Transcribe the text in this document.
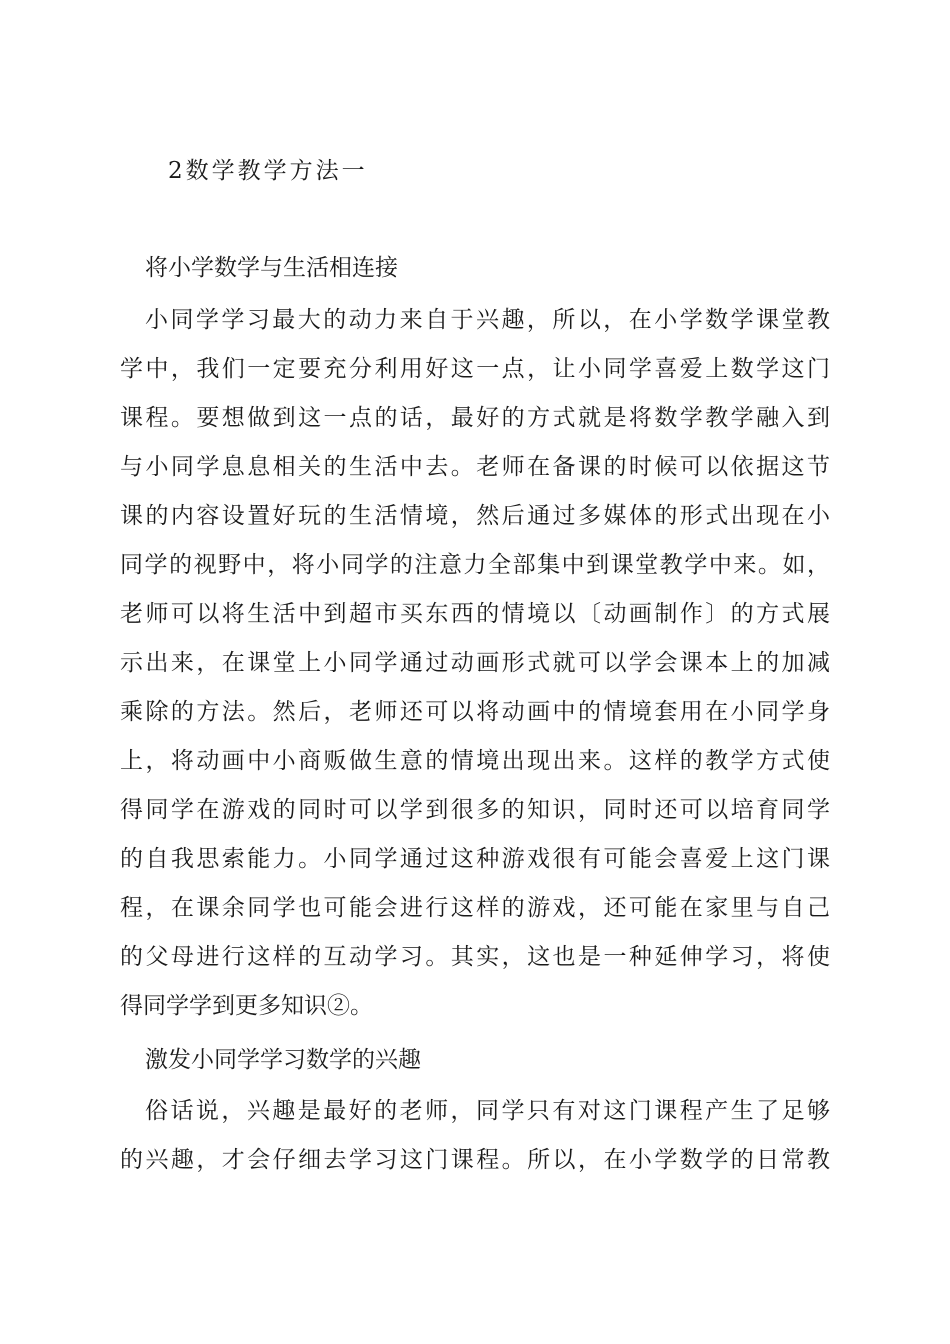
2数学教学方法一
将小学数学与生活相连接
小同学学习最大的动力来自于兴趣，所以，在小学数学课堂教
学中，我们一定要充分利用好这一点，让小同学喜爱上数学这门
课程。要想做到这一点的话，最好的方式就是将数学教学融入到
与小同学息息相关的生活中去。老师在备课的时候可以依据这节
课的内容设置好玩的生活情境，然后通过多媒体的形式出现在小
同学的视野中，将小同学的注意力全部集中到课堂教学中来。如，
老师可以将生活中到超市买东西的情境以〔动画制作〕的方式展
示出来，在课堂上小同学通过动画形式就可以学会课本上的加减
乘除的方法。然后，老师还可以将动画中的情境套用在小同学身
上，将动画中小商贩做生意的情境出现出来。这样的教学方式使
得同学在游戏的同时可以学到很多的知识，同时还可以培育同学
的自我思索能力。小同学通过这种游戏很有可能会喜爱上这门课
程，在课余同学也可能会进行这样的游戏，还可能在家里与自己
的父母进行这样的互动学习。其实，这也是一种延伸学习，将使
得同学学到更多知识②。
激发小同学学习数学的兴趣
俗话说，兴趣是最好的老师，同学只有对这门课程产生了足够
的兴趣，才会仔细去学习这门课程。所以，在小学数学的日常教
